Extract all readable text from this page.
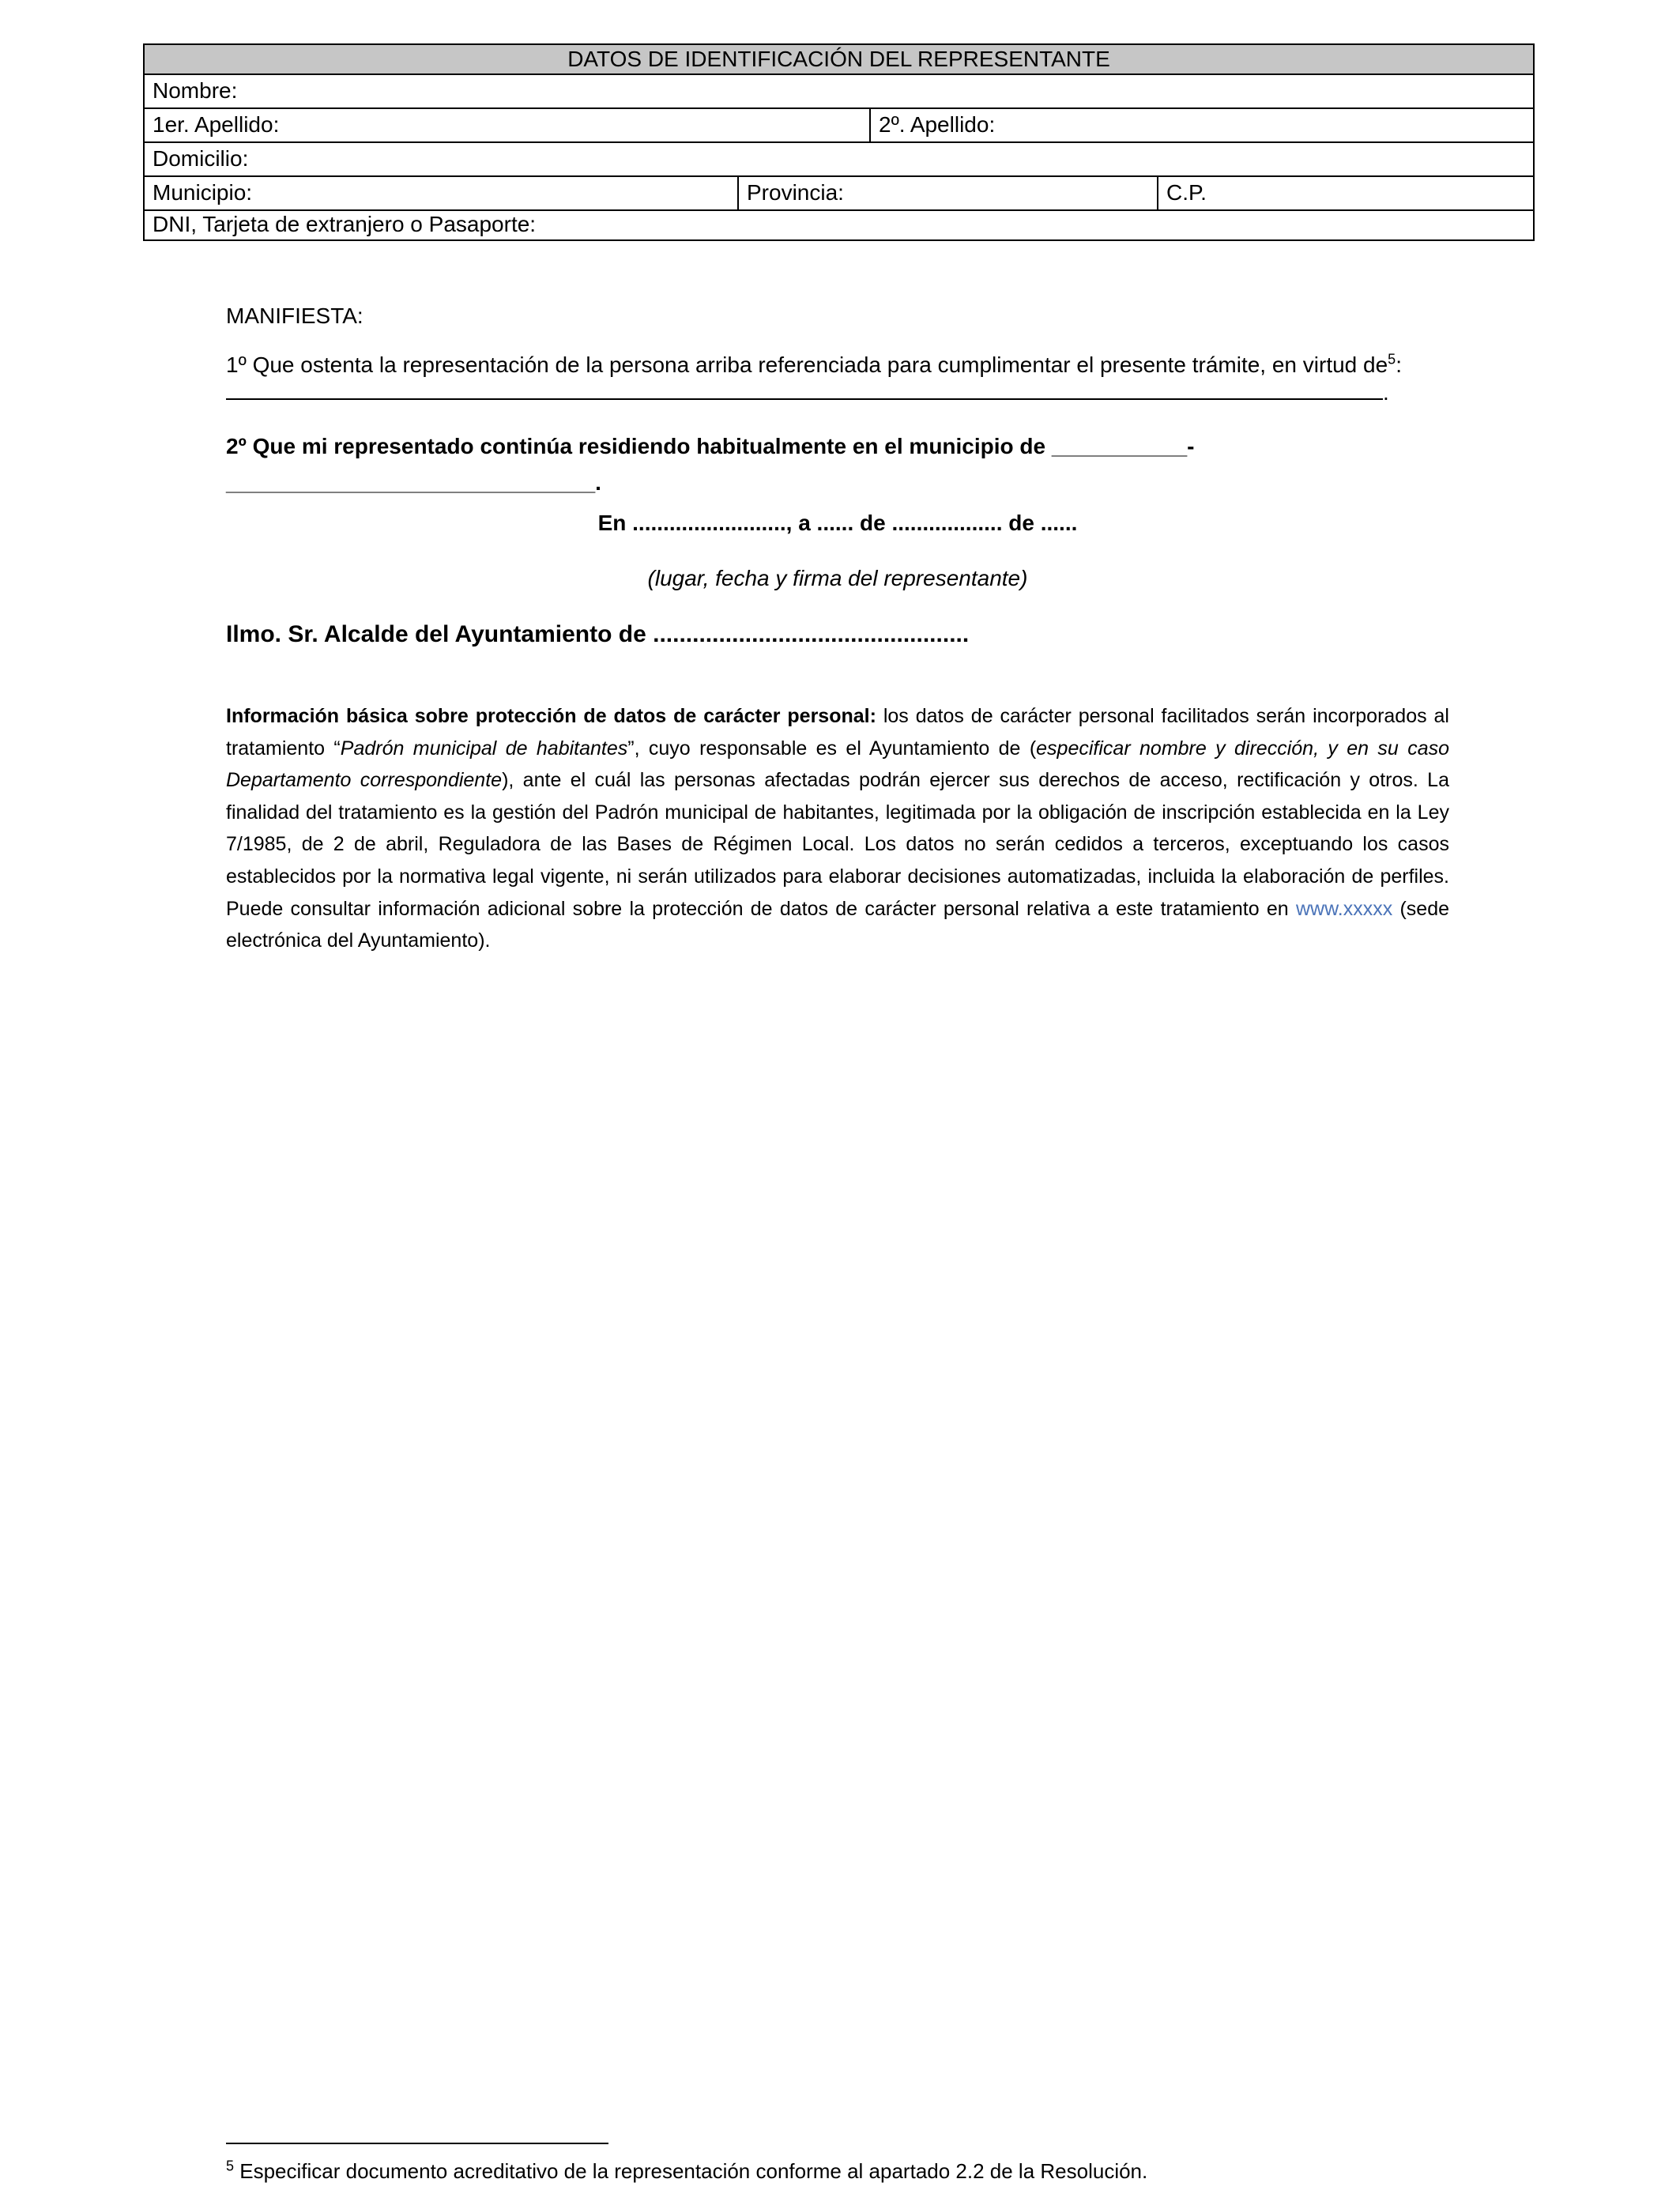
DATOS DE IDENTIFICACIÓN DEL REPRESENTANTE
Nombre:
1er. Apellido:	2º. Apellido:
Domicilio:
Municipio:	Provincia:	C.P.
DNI, Tarjeta de extranjero o Pasaporte:
MANIFIESTA:
1º Que ostenta la representación de la persona arriba referenciada para cumplimentar el presente trámite, en virtud $de^5$: .
2º Que mi representado continúa residiendo habitualmente en el municipio de ___________-
______________________________.
En ........................., a ...... de .................. de ......
(lugar, fecha y firma del representante)
Ilmo. Sr. Alcalde del Ayuntamiento de ................................................
Información básica sobre protección de datos de carácter personal: los datos de carácter personal facilitados serán incorporados al tratamiento “Padrón municipal de habitantes”, cuyo responsable es el Ayuntamiento de (especificar nombre y dirección, y en su caso Departamento correspondiente), ante el cuál las personas afectadas podrán ejercer sus derechos de acceso, rectificación y otros. La finalidad del tratamiento es la gestión del Padrón municipal de habitantes, legitimada por la obligación de inscripción establecida en la Ley 7/1985, de 2 de abril, Reguladora de las Bases de Régimen Local. Los datos no serán cedidos a terceros, exceptuando los casos establecidos por la normativa legal vigente, ni serán utilizados para elaborar decisiones automatizadas, incluida la elaboración de perfiles. Puede consultar información adicional sobre la protección de datos de carácter personal relativa a este tratamiento en www.xxxxx (sede electrónica del Ayuntamiento).
$^5$ Especificar documento acreditativo de la representación conforme al apartado 2.2 de la Resolución.
